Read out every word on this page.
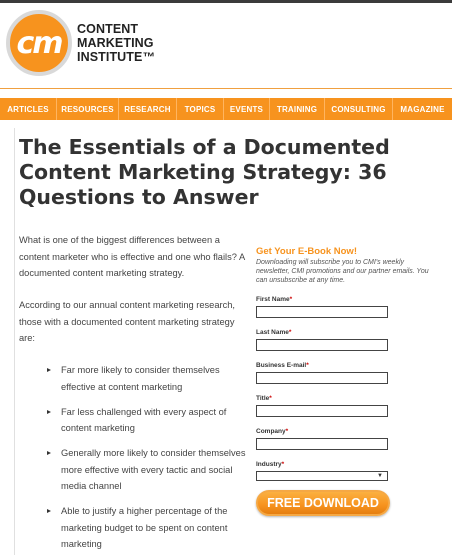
cm CONTENT
MARKETING
INSTITUTE™
ARTICLES	RESOURCES	RESEARCH	TOPICS	EVENTS	TRAINING	CONSULTING	MAGAZINE
The Essentials of a Documented Content Marketing Strategy: 36 Questions to Answer

What is one of the biggest differences between a content marketer who is effective and one who flails? A documented content marketing strategy.

According to our annual content marketing research, those with a documented content marketing strategy are:

Far more likely to consider themselves effective at content marketing
Far less challenged with every aspect of content marketing
Generally more likely to consider themselves more effective with every tactic and social media channel
Able to justify a higher percentage of the marketing budget to be spent on content marketing
Get Your E-Book Now!
Downloading will subscribe you to CMI's weekly newsletter, CMI promotions and our partner emails. You can unsubscribe at any time.
First Name*
Last Name*
Business E-mail*
Title*
Company*
Industry*
▼
FREE DOWNLOAD
